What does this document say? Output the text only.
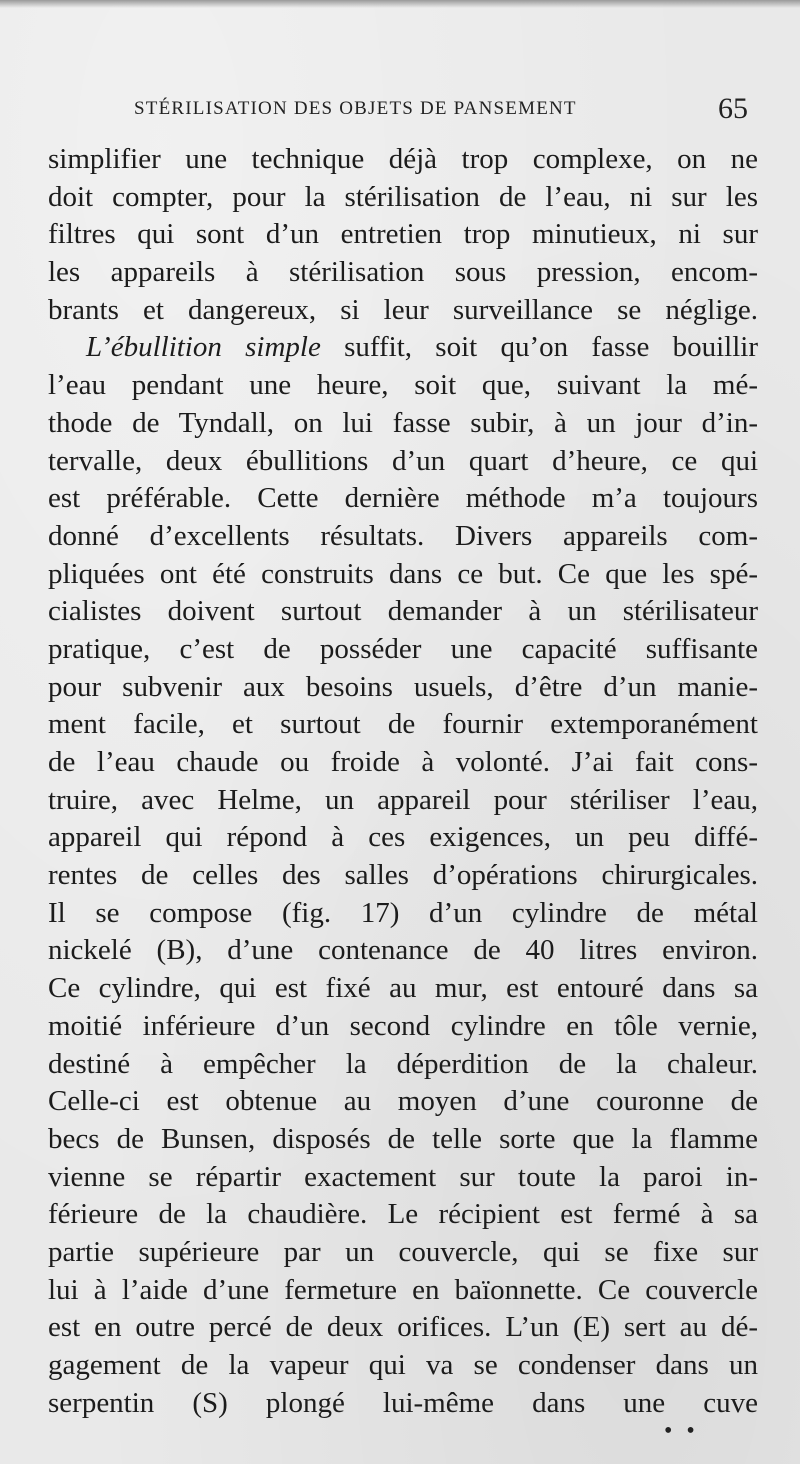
STÉRILISATION DES OBJETS DE PANSEMENT	65
simplifier une technique déjà trop complexe, on ne
doit compter, pour la stérilisation de l’eau, ni sur les
filtres qui sont d’un entretien trop minutieux, ni sur
les appareils à stérilisation sous pression, encom-
brants et dangereux, si leur surveillance se néglige.
L’ébullition simple suffit, soit qu’on fasse bouillir
l’eau pendant une heure, soit que, suivant la mé-
thode de Tyndall, on lui fasse subir, à un jour d’in-
tervalle, deux ébullitions d’un quart d’heure, ce qui
est préférable. Cette dernière méthode m’a toujours
donné d’excellents résultats. Divers appareils com-
pliquées ont été construits dans ce but. Ce que les spé-
cialistes doivent surtout demander à un stérilisateur
pratique, c’est de posséder une capacité suffisante
pour subvenir aux besoins usuels, d’être d’un manie-
ment facile, et surtout de fournir extemporanément
de l’eau chaude ou froide à volonté. J’ai fait cons-
truire, avec Helme, un appareil pour stériliser l’eau,
appareil qui répond à ces exigences, un peu diffé-
rentes de celles des salles d’opérations chirurgicales.
Il se compose (fig. 17) d’un cylindre de métal
nickelé (B), d’une contenance de 40 litres environ.
Ce cylindre, qui est fixé au mur, est entouré dans sa
moitié inférieure d’un second cylindre en tôle vernie,
destiné à empêcher la déperdition de la chaleur.
Celle-ci est obtenue au moyen d’une couronne de
becs de Bunsen, disposés de telle sorte que la flamme
vienne se répartir exactement sur toute la paroi in-
férieure de la chaudière. Le récipient est fermé à sa
partie supérieure par un couvercle, qui se fixe sur
lui à l’aide d’une fermeture en baïonnette. Ce couvercle
est en outre percé de deux orifices. L’un (E) sert au dé-
gagement de la vapeur qui va se condenser dans un
serpentin (S) plongé lui-même dans une cuve
• •
